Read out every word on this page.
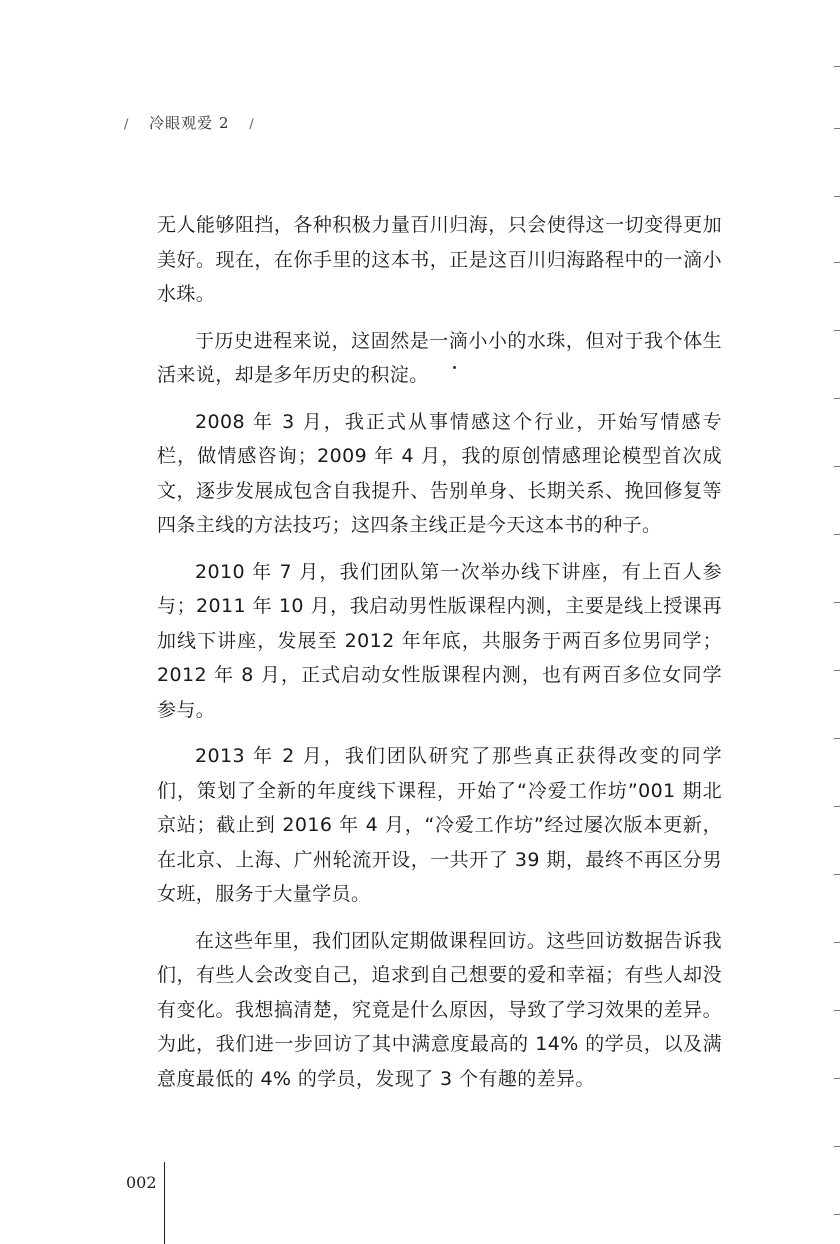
/ 冷眼观爱 2 /

无人能够阻挡，各种积极力量百川归海，只会使得这一切变得更加美好。现在，在你手里的这本书，正是这百川归海路程中的一滴小水珠。

于历史进程来说，这固然是一滴小小的水珠，但对于我个体生活来说，却是多年历史的积淀。

2008 年 3 月，我正式从事情感这个行业，开始写情感专栏，做情感咨询；2009 年 4 月，我的原创情感理论模型首次成文，逐步发展成包含自我提升、告别单身、长期关系、挽回修复等四条主线的方法技巧；这四条主线正是今天这本书的种子。

2010 年 7 月，我们团队第一次举办线下讲座，有上百人参与；2011 年 10 月，我启动男性版课程内测，主要是线上授课再加线下讲座，发展至 2012 年年底，共服务于两百多位男同学；2012 年 8 月，正式启动女性版课程内测，也有两百多位女同学参与。

2013 年 2 月，我们团队研究了那些真正获得改变的同学们，策划了全新的年度线下课程，开始了“冷爱工作坊”001 期北京站；截止到 2016 年 4 月，“冷爱工作坊”经过屡次版本更新，在北京、上海、广州轮流开设，一共开了 39 期，最终不再区分男女班，服务于大量学员。

在这些年里，我们团队定期做课程回访。这些回访数据告诉我们，有些人会改变自己，追求到自己想要的爱和幸福；有些人却没有变化。我想搞清楚，究竟是什么原因，导致了学习效果的差异。为此，我们进一步回访了其中满意度最高的 14% 的学员，以及满意度最低的 4% 的学员，发现了 3 个有趣的差异。

002
